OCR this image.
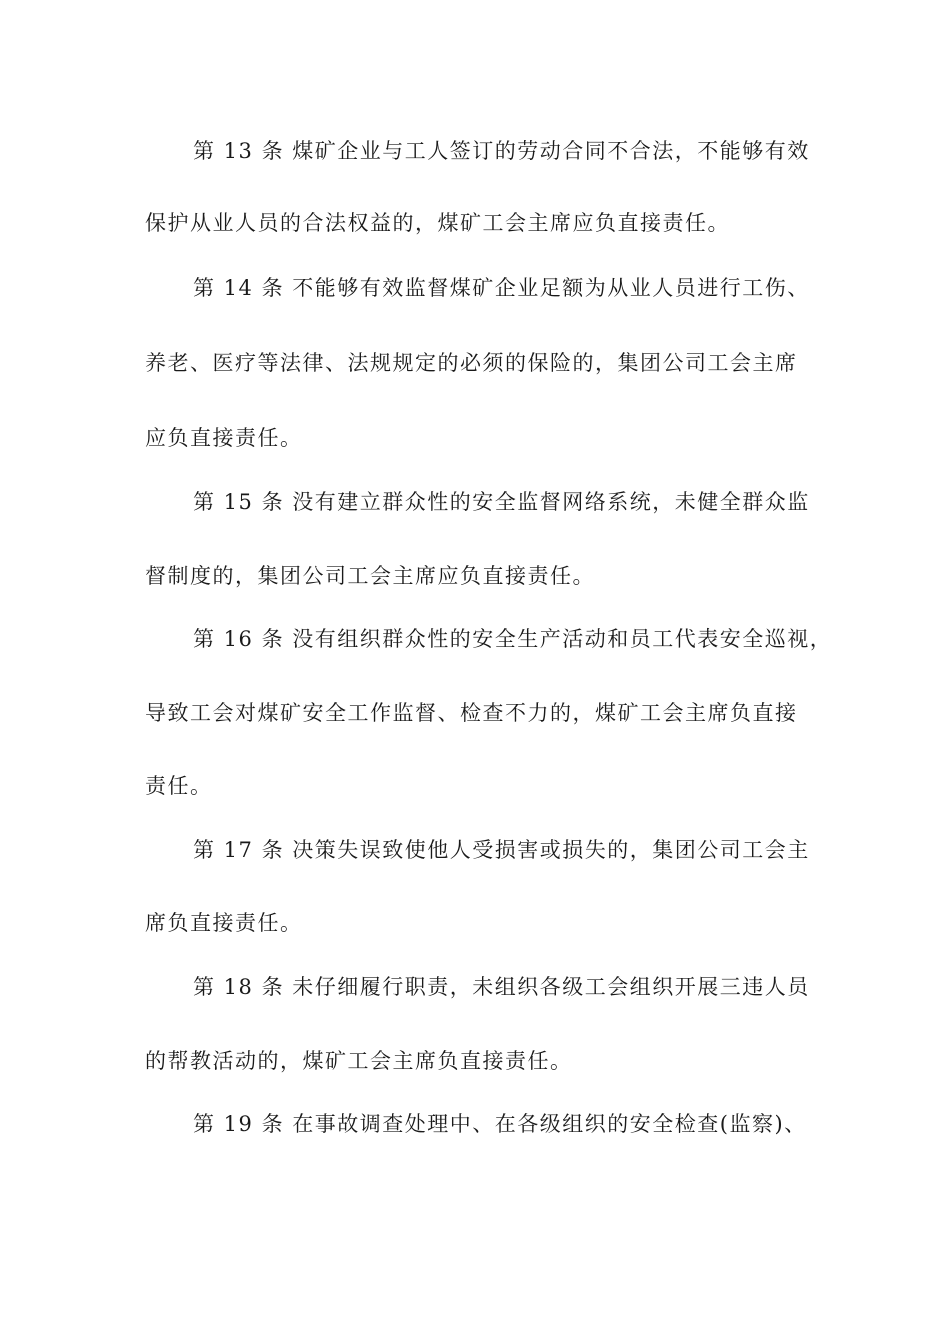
第 13 条 煤矿企业与工人签订的劳动合同不合法，不能够有效
保护从业人员的合法权益的，煤矿工会主席应负直接责任。
第 14 条 不能够有效监督煤矿企业足额为从业人员进行工伤、
养老、医疗等法律、法规规定的必须的保险的，集团公司工会主席
应负直接责任。
第 15 条 没有建立群众性的安全监督网络系统，未健全群众监
督制度的，集团公司工会主席应负直接责任。
第 16 条 没有组织群众性的安全生产活动和员工代表安全巡视，
导致工会对煤矿安全工作监督、检查不力的，煤矿工会主席负直接
责任。
第 17 条 决策失误致使他人受损害或损失的，集团公司工会主
席负直接责任。
第 18 条 未仔细履行职责，未组织各级工会组织开展三违人员
的帮教活动的，煤矿工会主席负直接责任。
第 19 条 在事故调查处理中、在各级组织的安全检查(监察)、
